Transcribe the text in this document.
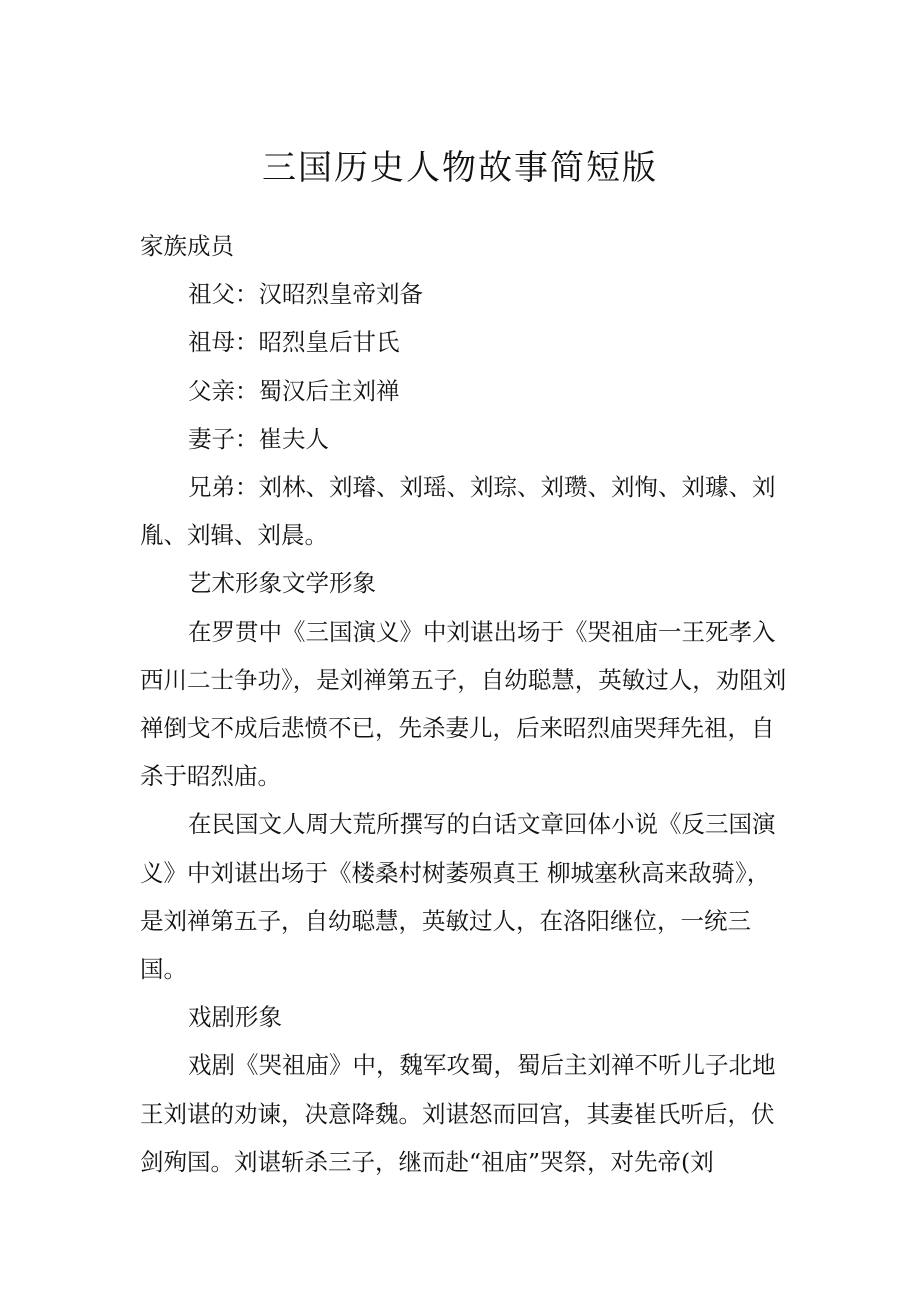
三国历史人物故事简短版

家族成员

祖父：汉昭烈皇帝刘备

祖母：昭烈皇后甘氏

父亲：蜀汉后主刘禅

妻子：崔夫人

兄弟：刘林、刘璿、刘瑶、刘琮、刘瓒、刘恂、刘璩、刘胤、刘辑、刘晨。

艺术形象文学形象

在罗贯中《三国演义》中刘谌出场于《哭祖庙一王死孝入西川二士争功》，是刘禅第五子，自幼聪慧，英敏过人，劝阻刘禅倒戈不成后悲愤不已，先杀妻儿，后来昭烈庙哭拜先祖，自杀于昭烈庙。

在民国文人周大荒所撰写的白话文章回体小说《反三国演义》中刘谌出场于《楼桑村树萎殒真王 柳城塞秋高来敌骑》，是刘禅第五子，自幼聪慧，英敏过人，在洛阳继位，一统三国。

戏剧形象

戏剧《哭祖庙》中，魏军攻蜀，蜀后主刘禅不听儿子北地王刘谌的劝谏，决意降魏。刘谌怒而回宫，其妻崔氏听后，伏剑殉国。刘谌斩杀三子，继而赴“祖庙”哭祭，对先帝(刘
